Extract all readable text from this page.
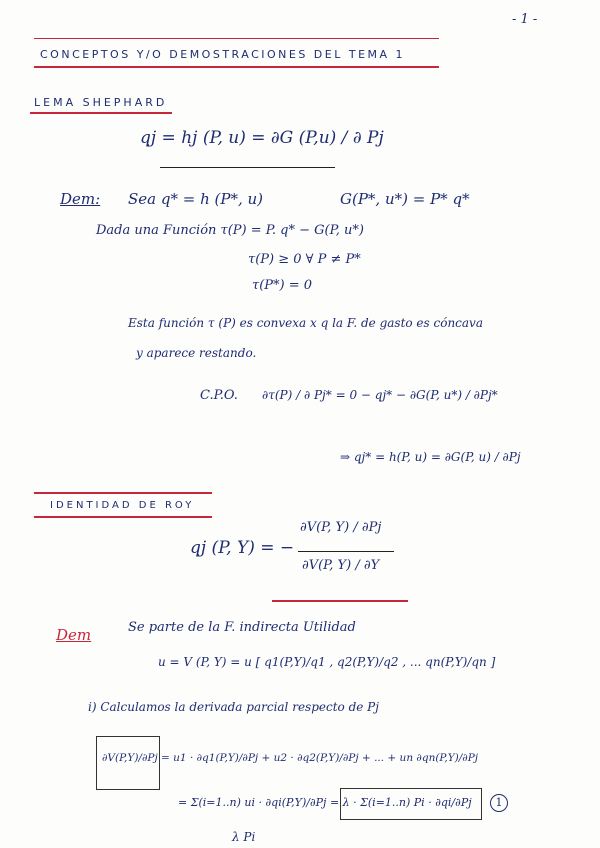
- 1 -
CONCEPTOS Y/O DEMOSTRACIONES DEL TEMA 1
LEMA SHEPHARD
qj = hj (P, u) = ∂G (P,u) / ∂ Pj
Dem: Sea q* = h (P*, u)	G(P*, u*) = P* q*
Dada una Función τ(P) = P. q* − G(P, u*)
τ(P) ≥ 0 ∀ P ≠ P*
τ(P*) = 0
Esta función τ (P) es convexa x q la F. de gasto es cóncava
y aparece restando.
C.P.O. ∂τ(P) / ∂ Pj* = 0 − qj* − ∂G(P, u*) / ∂Pj*
⇒ qj* = h(P, u) = ∂G(P, u) / ∂Pj
IDENTIDAD DE ROY
qj (P, Y) = −
∂V(P, Y) / ∂Pj
∂V(P, Y) / ∂Y
Dem	Se parte de la F. indirecta Utilidad
u = V (P, Y) = u [ q1(P,Y)/q1 , q2(P,Y)/q2 , ... qn(P,Y)/qn ]
i) Calculamos la derivada parcial respecto de Pj
∂V(P,Y)/∂Pj = u1 · ∂q1(P,Y)/∂Pj + u2 · ∂q2(P,Y)/∂Pj + ... + un ∂qn(P,Y)/∂Pj
= Σ(i=1..n) ui · ∂qi(P,Y)/∂Pj = λ · Σ(i=1..n) Pi · ∂qi/∂Pj	1
λ Pi
